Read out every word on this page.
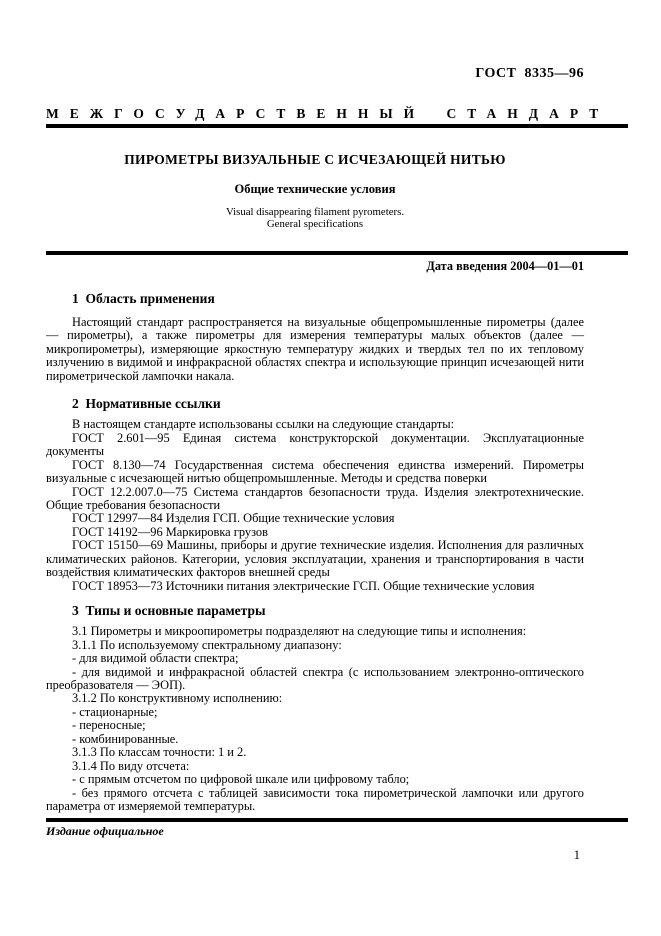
ГОСТ 8335—96
МЕЖГОСУДАРСТВЕННЫЙ СТАНДАРТ
ПИРОМЕТРЫ ВИЗУАЛЬНЫЕ С ИСЧЕЗАЮЩЕЙ НИТЬЮ
Общие технические условия
Visual disappearing filament pyrometers.
General specifications
Дата введения 2004—01—01
1  Область применения

Настоящий стандарт распространяется на визуальные общепромышленные пирометры (далее — пирометры), а также пирометры для измерения температуры малых объектов (далее — микропирометры), измеряющие яркостную температуру жидких и твердых тел по их тепловому излучению в видимой и инфракрасной областях спектра и использующие принцип исчезающей нити пирометрической лампочки накала.

2  Нормативные ссылки

В настоящем стандарте использованы ссылки на следующие стандарты:

ГОСТ 2.601—95 Единая система конструкторской документации. Эксплуатационные документы

ГОСТ 8.130—74 Государственная система обеспечения единства измерений. Пирометры визуальные с исчезающей нитью общепромышленные. Методы и средства поверки

ГОСТ 12.2.007.0—75 Система стандартов безопасности труда. Изделия электротехнические. Общие требования безопасности

ГОСТ 12997—84 Изделия ГСП. Общие технические условия

ГОСТ 14192—96 Маркировка грузов

ГОСТ 15150—69 Машины, приборы и другие технические изделия. Исполнения для различных климатических районов. Категории, условия эксплуатации, хранения и транспортирования в части воздействия климатических факторов внешней среды

ГОСТ 18953—73 Источники питания электрические ГСП. Общие технические условия

3  Типы и основные параметры

3.1 Пирометры и микроопирометры подразделяют на следующие типы и исполнения:

3.1.1 По используемому спектральному диапазону:

- для видимой области спектра;

- для видимой и инфракрасной областей спектра (с использованием электронно-оптического преобразователя — ЭОП).

3.1.2 По конструктивному исполнению:

- стационарные;

- переносные;

- комбинированные.

3.1.3 По классам точности: 1 и 2.

3.1.4 По виду отсчета:

- с прямым отсчетом по цифровой шкале или цифровому табло;

- без прямого отсчета с таблицей зависимости тока пирометрической лампочки или другого параметра от измеряемой температуры.

Издание официальное
1
